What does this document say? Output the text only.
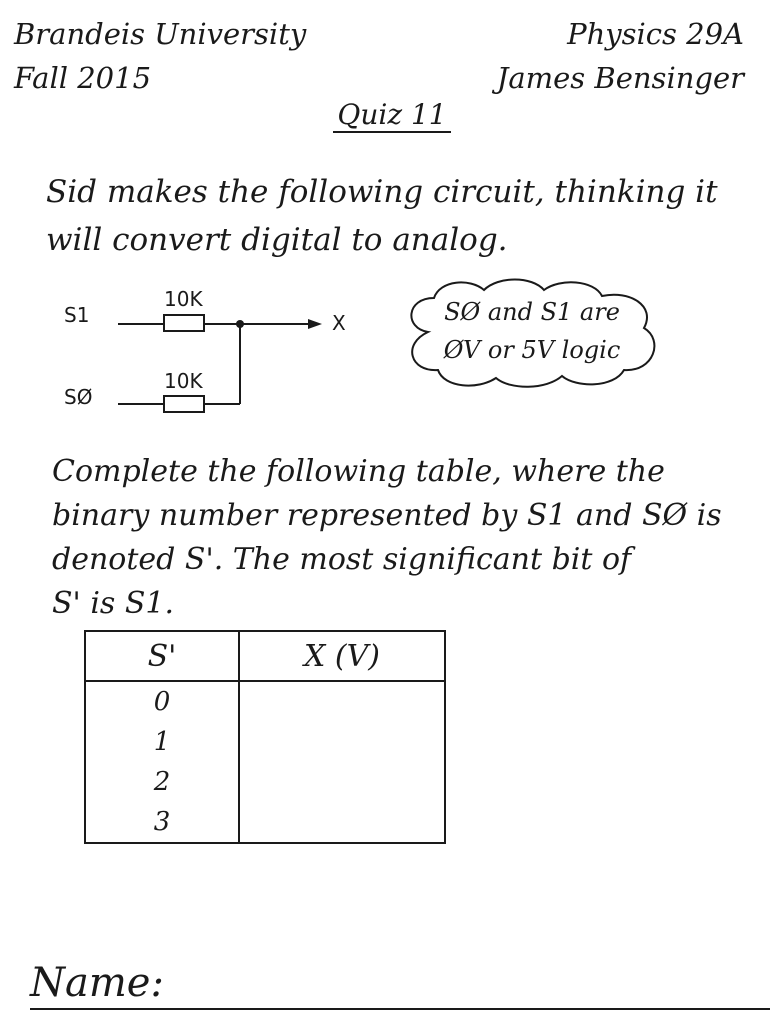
Brandeis University
Fall 2015
Physics 29A
James Bensinger
Quiz 11
Sid makes the following circuit, thinking it
will convert digital to analog.
S1
SØ
10K
10K
X	SØ and S1 are
ØV or 5V logic
Complete the following table, where the
binary number represented by S1 and SØ is
denoted S'. The most significant bit of
S' is S1.
S'	X (V)
0	
1	
2	
3	
Name:
